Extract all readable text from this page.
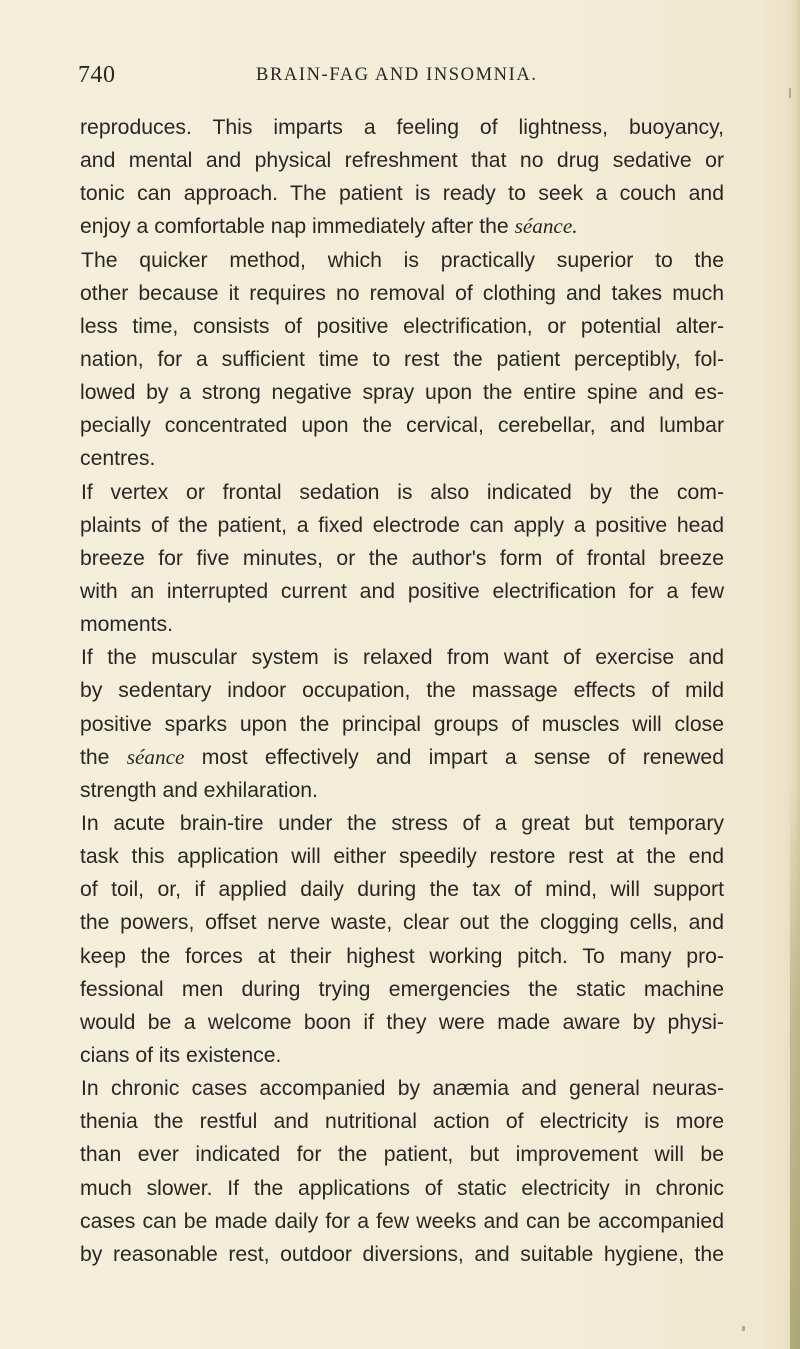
740	BRAIN-FAG AND INSOMNIA.
reproduces. This imparts a feeling of lightness, buoyancy,
and mental and physical refreshment that no drug sedative or
tonic can approach. The patient is ready to seek a couch and
enjoy a comfortable nap immediately after the séance.
The quicker method, which is practically superior to the
other because it requires no removal of clothing and takes much
less time, consists of positive electrification, or potential alter-
nation, for a sufficient time to rest the patient perceptibly, fol-
lowed by a strong negative spray upon the entire spine and es-
pecially concentrated upon the cervical, cerebellar, and lumbar
centres.
If vertex or frontal sedation is also indicated by the com-
plaints of the patient, a fixed electrode can apply a positive head
breeze for five minutes, or the author's form of frontal breeze
with an interrupted current and positive electrification for a few
moments.
If the muscular system is relaxed from want of exercise and
by sedentary indoor occupation, the massage effects of mild
positive sparks upon the principal groups of muscles will close
the séance most effectively and impart a sense of renewed
strength and exhilaration.
In acute brain-tire under the stress of a great but temporary
task this application will either speedily restore rest at the end
of toil, or, if applied daily during the tax of mind, will support
the powers, offset nerve waste, clear out the clogging cells, and
keep the forces at their highest working pitch. To many pro-
fessional men during trying emergencies the static machine
would be a welcome boon if they were made aware by physi-
cians of its existence.
In chronic cases accompanied by anæmia and general neuras-
thenia the restful and nutritional action of electricity is more
than ever indicated for the patient, but improvement will be
much slower. If the applications of static electricity in chronic
cases can be made daily for a few weeks and can be accompanied
by reasonable rest, outdoor diversions, and suitable hygiene, the
